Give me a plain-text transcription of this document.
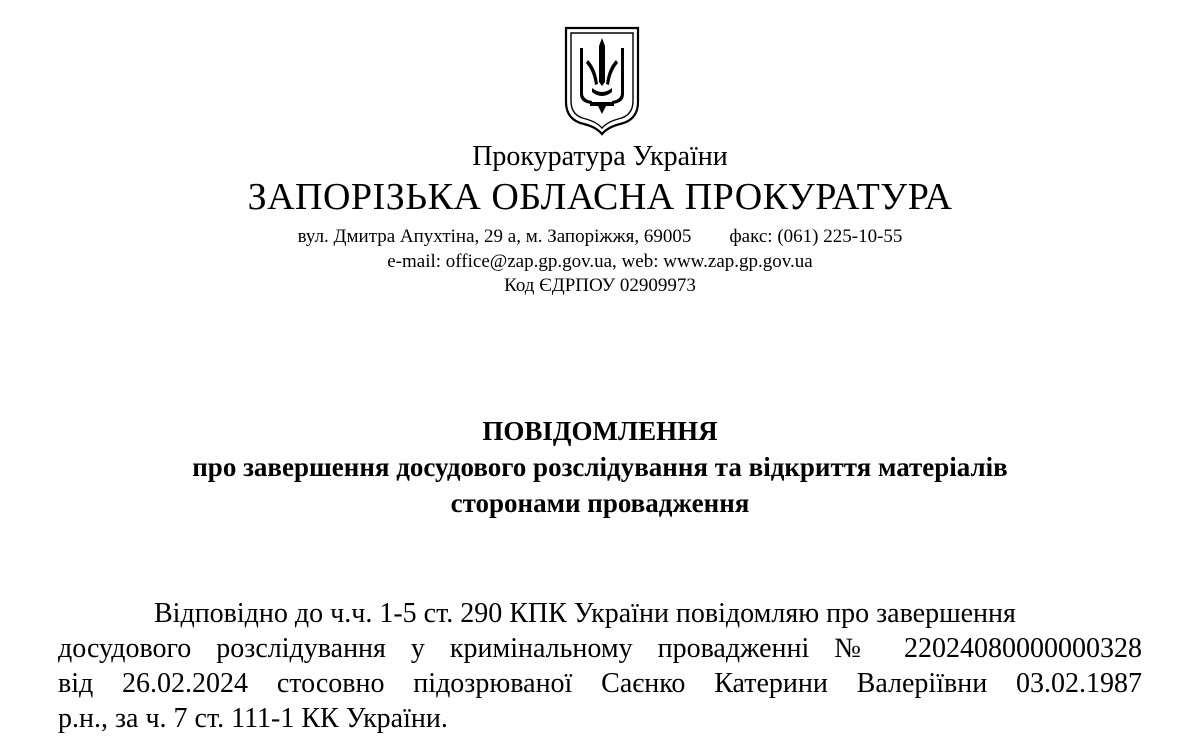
Прокуратура України
ЗАПОРІЗЬКА ОБЛАСНА ПРОКУРАТУРА
вул. Дмитра Апухтіна, 29 а, м. Запоріжжя, 69005 факс: (061) 225-10-55
e-mail: office@zap.gp.gov.ua, web: www.zap.gp.gov.ua
Код ЄДРПОУ 02909973
ПОВІДОМЛЕННЯ
про завершення досудового розслідування та відкриття матеріалів
сторонами провадження
Відповідно до ч.ч. 1-5 ст. 290 КПК України повідомляю про завершення
досудового розслідування у кримінальному провадженні № 22024080000000328
від 26.02.2024 стосовно підозрюваної Саєнко Катерини Валеріївни 03.02.1987
р.н., за ч. 7 ст. 111-1 КК України.
